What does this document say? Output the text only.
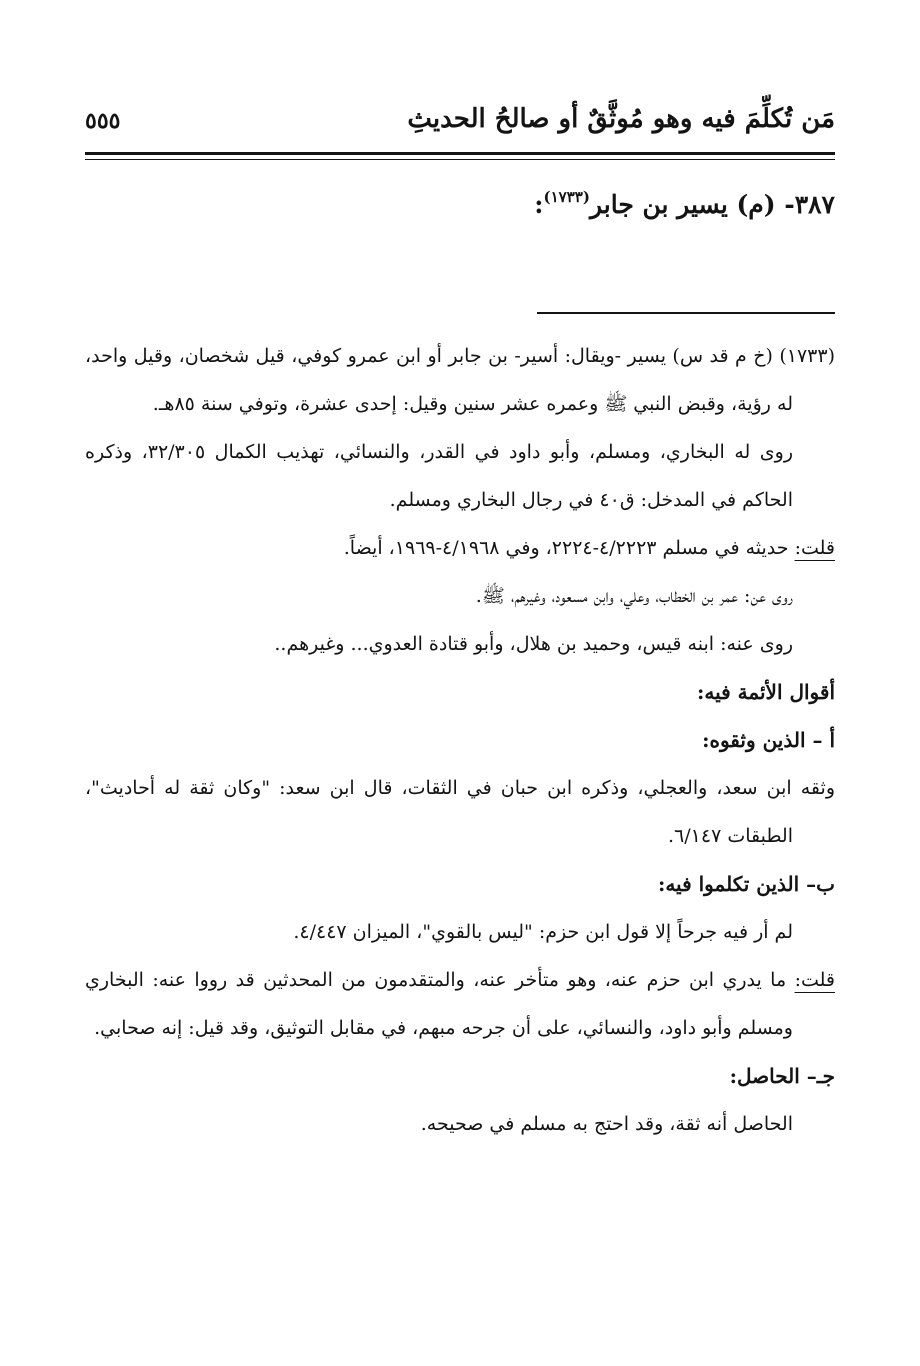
مَن تُكلِّمَ فيه وهو مُوثَّقٌ أو صالحُ الحديثِ
٥٥٥
٣٨٧- (م) يسير بن جابر$^{(١٧٣٣)}$:

(١٧٣٣) (خ م قد س) يسير -ويقال: أسير- بن جابر أو ابن عمرو كوفي، قيل شخصان، وقيل واحد، له رؤية، وقبض النبي ﷺ وعمره عشر سنين وقيل: إحدى عشرة، وتوفي سنة ٨٥هـ.

روى له البخاري، ومسلم، وأبو داود في القدر، والنسائي، تهذيب الكمال ٣٢/٣٠٥، وذكره الحاكم في المدخل: ق٤٠ في رجال البخاري ومسلم.

قلت: حديثه في مسلم ٤/٢٢٢٣-٢٢٢٤، وفي ٤/١٩٦٨-١٩٦٩، أيضاً.

روى عن: عمر بن الخطاب، وعلي، وابن مسعود، وغيرهم، ﷺ.

روى عنه: ابنه قيس، وحميد بن هلال، وأبو قتادة العدوي... وغيرهم..

أقوال الأئمة فيه:

أ – الذين وثقوه:

وثقه ابن سعد، والعجلي، وذكره ابن حبان في الثقات، قال ابن سعد: "وكان ثقة له أحاديث"، الطبقات ٦/١٤٧.

ب– الذين تكلموا فيه:

لم أر فيه جرحاً إلا قول ابن حزم: "ليس بالقوي"، الميزان ٤/٤٤٧.

قلت: ما يدري ابن حزم عنه، وهو متأخر عنه، والمتقدمون من المحدثين قد رووا عنه: البخاري ومسلم وأبو داود، والنسائي، على أن جرحه مبهم، في مقابل التوثيق، وقد قيل: إنه صحابي.

جـ– الحاصل:

الحاصل أنه ثقة، وقد احتج به مسلم في صحيحه.
